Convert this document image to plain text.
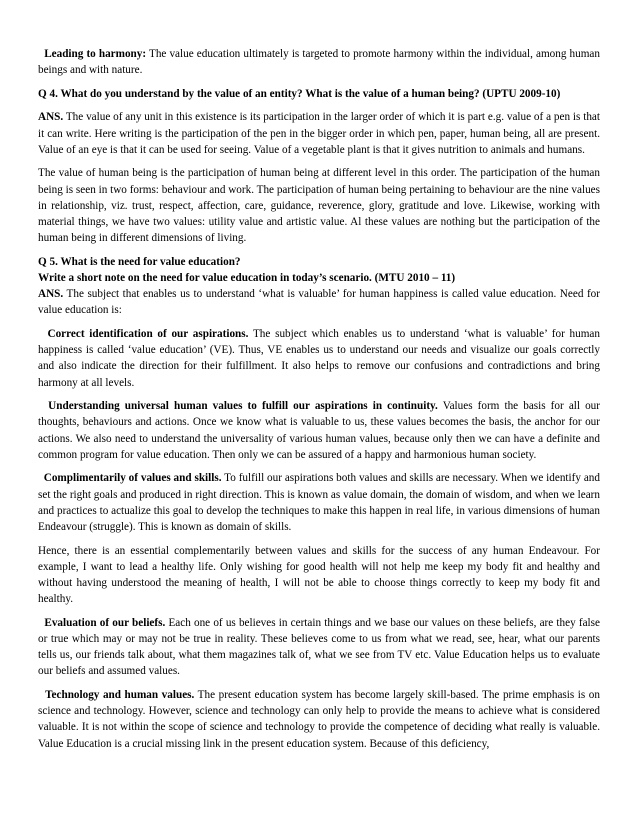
Leading to harmony: The value education ultimately is targeted to promote harmony within the individual, among human beings and with nature.

Q 4. What do you understand by the value of an entity? What is the value of a human being? (UPTU 2009-10)

ANS. The value of any unit in this existence is its participation in the larger order of which it is part e.g. value of a pen is that it can write. Here writing is the participation of the pen in the bigger order in which pen, paper, human being, all are present. Value of an eye is that it can be used for seeing. Value of a vegetable plant is that it gives nutrition to animals and humans.

The value of human being is the participation of human being at different level in this order. The participation of the human being is seen in two forms: behaviour and work. The participation of human being pertaining to behaviour are the nine values in relationship, viz. trust, respect, affection, care, guidance, reverence, glory, gratitude and love. Likewise, working with material things, we have two values: utility value and artistic value. Al these values are nothing but the participation of the human being in different dimensions of living.

Q 5. What is the need for value education?

Write a short note on the need for value education in today’s scenario. (MTU 2010 – 11)

ANS. The subject that enables us to understand ‘what is valuable’ for human happiness is called value education. Need for value education is:

Correct identification of our aspirations. The subject which enables us to understand ‘what is valuable’ for human happiness is called ‘value education’ (VE). Thus, VE enables us to understand our needs and visualize our goals correctly and also indicate the direction for their fulfillment. It also helps to remove our confusions and contradictions and bring harmony at all levels.

Understanding universal human values to fulfill our aspirations in continuity. Values form the basis for all our thoughts, behaviours and actions. Once we know what is valuable to us, these values becomes the basis, the anchor for our actions. We also need to understand the universality of various human values, because only then we can have a definite and common program for value education. Then only we can be assured of a happy and harmonious human society.

Complimentarily of values and skills. To fulfill our aspirations both values and skills are necessary. When we identify and set the right goals and produced in right direction. This is known as value domain, the domain of wisdom, and when we learn and practices to actualize this goal to develop the techniques to make this happen in real life, in various dimensions of human Endeavour (struggle). This is known as domain of skills.

Hence, there is an essential complementarily between values and skills for the success of any human Endeavour. For example, I want to lead a healthy life. Only wishing for good health will not help me keep my body fit and healthy and without having understood the meaning of health, I will not be able to choose things correctly to keep my body fit and healthy.

Evaluation of our beliefs. Each one of us believes in certain things and we base our values on these beliefs, are they false or true which may or may not be true in reality. These believes come to us from what we read, see, hear, what our parents tells us, our friends talk about, what them magazines talk of, what we see from TV etc. Value Education helps us to evaluate our beliefs and assumed values.

Technology and human values. The present education system has become largely skill-based. The prime emphasis is on science and technology. However, science and technology can only help to provide the means to achieve what is considered valuable. It is not within the scope of science and technology to provide the competence of deciding what really is valuable. Value Education is a crucial missing link in the present education system. Because of this deficiency,
